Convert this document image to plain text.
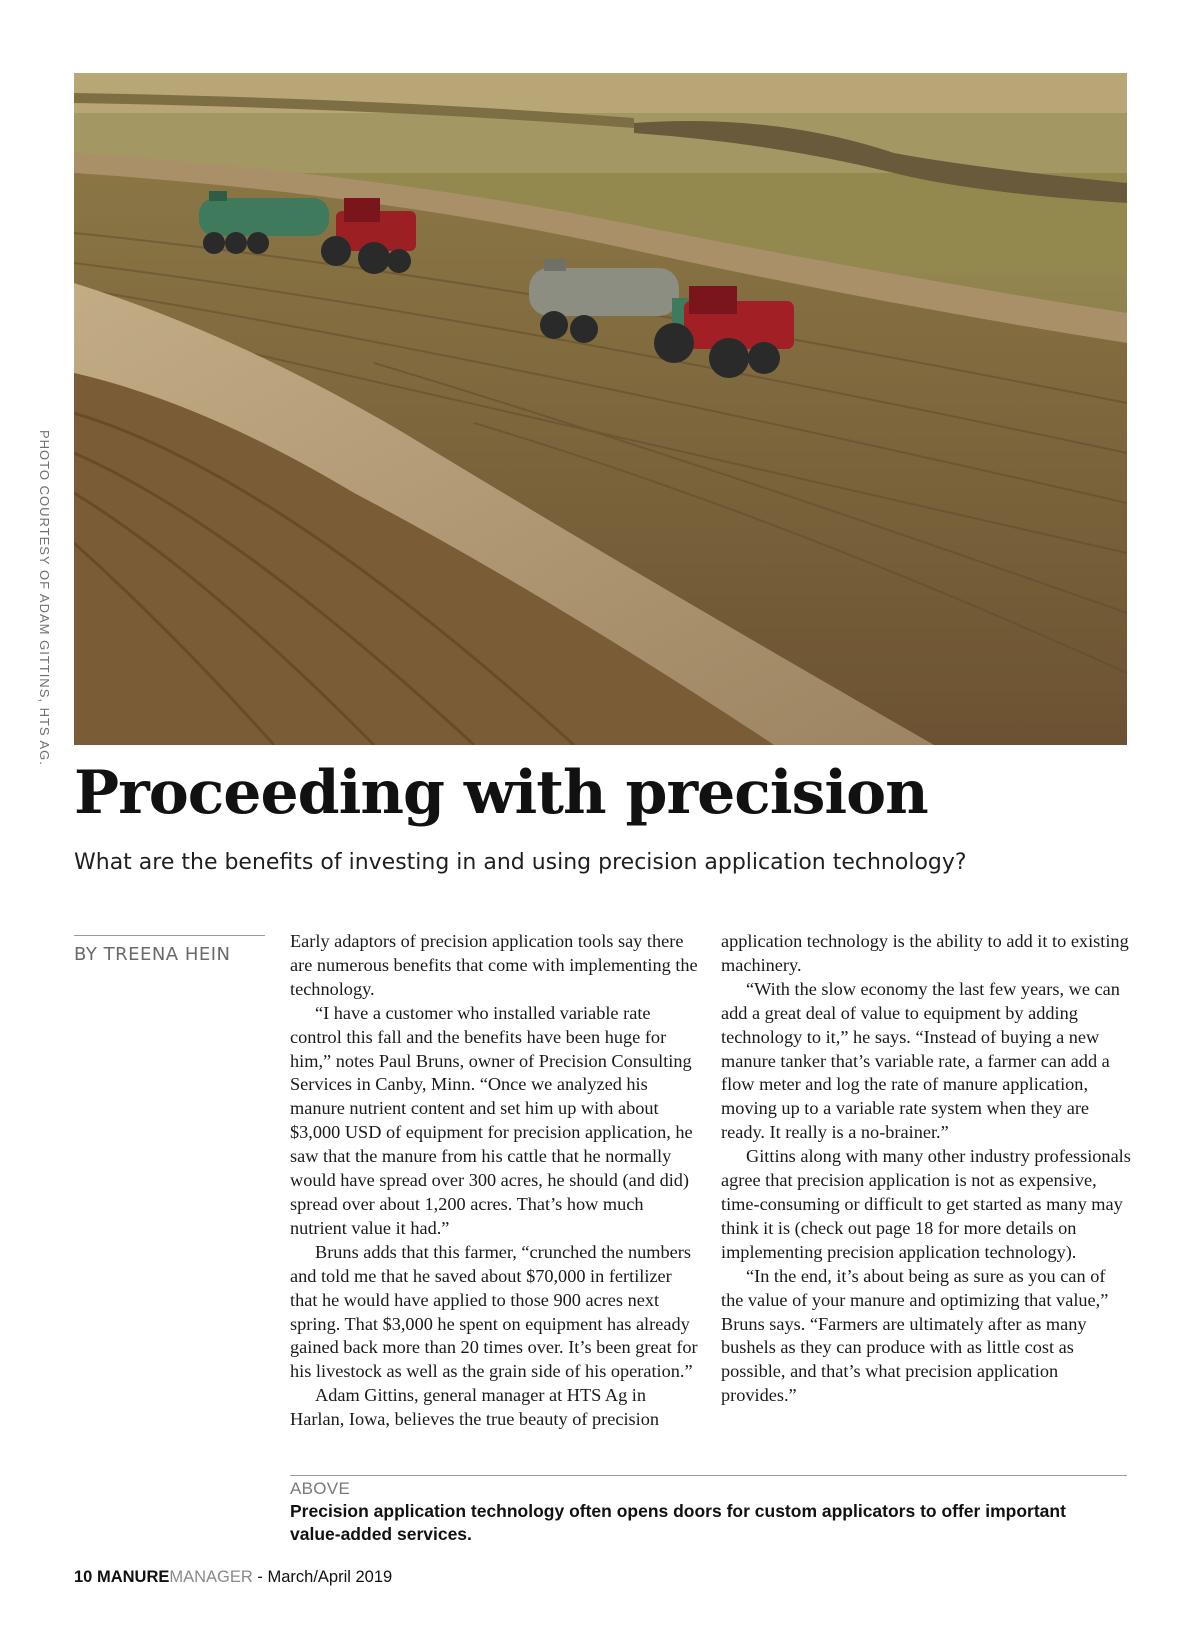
PHOTO COURTESY OF ADAM GITTINS, HTS AG.
Proceeding with precision

What are the benefits of investing in and using precision application technology?

BY TREENA HEIN

Early adaptors of precision application tools say there are numerous benefits that come with implementing the technology.

“I have a customer who installed variable rate control this fall and the benefits have been huge for him,” notes Paul Bruns, owner of Precision Consulting Services in Canby, Minn. “Once we analyzed his manure nutrient content and set him up with about $3,000 USD of equipment for precision application, he saw that the manure from his cattle that he normally would have spread over 300 acres, he should (and did) spread over about 1,200 acres. That’s how much nutrient value it had.”

Bruns adds that this farmer, “crunched the numbers and told me that he saved about $70,000 in fertilizer that he would have applied to those 900 acres next spring. That $3,000 he spent on equipment has already gained back more than 20 times over. It’s been great for his livestock as well as the grain side of his operation.”

Adam Gittins, general manager at HTS Ag in Harlan, Iowa, believes the true beauty of precision

application technology is the ability to add it to existing machinery.

“With the slow economy the last few years, we can add a great deal of value to equipment by adding technology to it,” he says. “Instead of buying a new manure tanker that’s variable rate, a farmer can add a flow meter and log the rate of manure application, moving up to a variable rate system when they are ready. It really is a no-brainer.”

Gittins along with many other industry professionals agree that precision application is not as expensive, time-consuming or difficult to get started as many may think it is (check out page 18 for more details on implementing precision application technology).

“In the end, it’s about being as sure as you can of the value of your manure and optimizing that value,” Bruns says. “Farmers are ultimately after as many bushels as they can produce with as little cost as possible, and that’s what precision application provides.”

ABOVE
Precision application technology often opens doors for custom applicators to offer important value-added services.
10 MANUREMANAGER - March/April 2019
